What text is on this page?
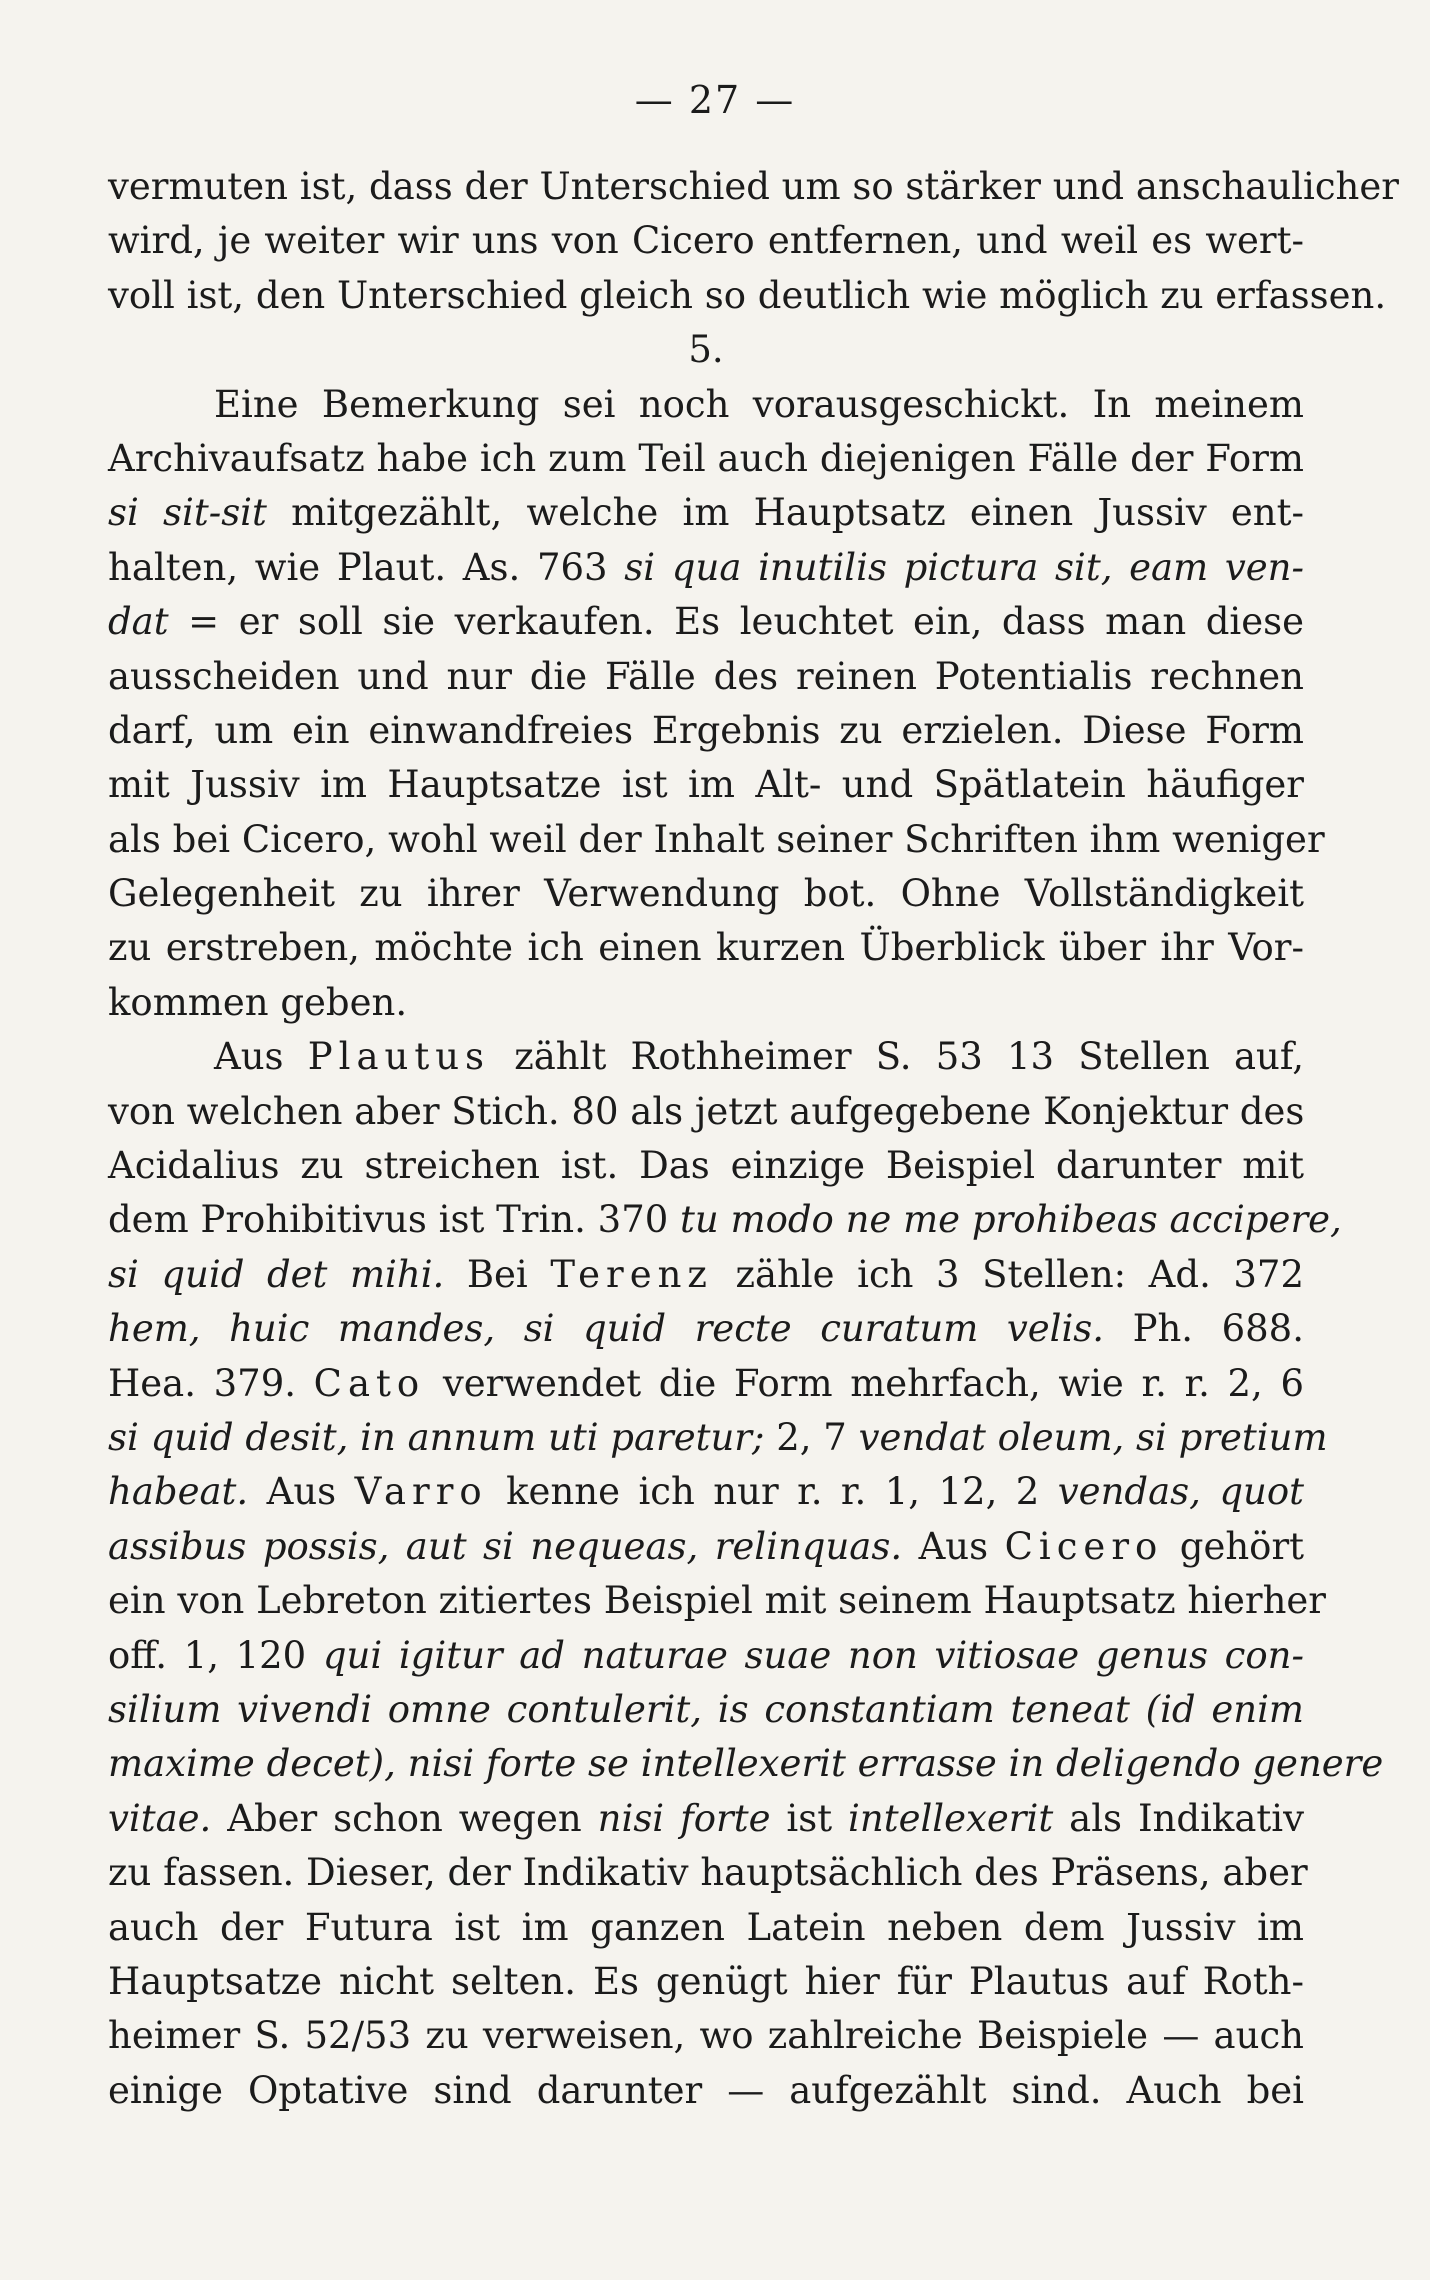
— 27 —
vermuten ist, dass der Unterschied um so stärker und anschaulicher
wird, je weiter wir uns von Cicero entfernen, und weil es wert-
voll ist, den Unterschied gleich so deutlich wie möglich zu erfassen.
5.
Eine Bemerkung sei noch vorausgeschickt. In meinem
Archivaufsatz habe ich zum Teil auch diejenigen Fälle der Form
si sit-sit mitgezählt, welche im Hauptsatz einen Jussiv ent-
halten, wie Plaut. As. 763 si qua inutilis pictura sit, eam ven-
dat = er soll sie verkaufen. Es leuchtet ein, dass man diese
ausscheiden und nur die Fälle des reinen Potentialis rechnen
darf, um ein einwandfreies Ergebnis zu erzielen. Diese Form
mit Jussiv im Hauptsatze ist im Alt- und Spätlatein häufiger
als bei Cicero, wohl weil der Inhalt seiner Schriften ihm weniger
Gelegenheit zu ihrer Verwendung bot. Ohne Vollständigkeit
zu erstreben, möchte ich einen kurzen Überblick über ihr Vor-
kommen geben.
Aus Plautus zählt Rothheimer S. 53 13 Stellen auf,
von welchen aber Stich. 80 als jetzt aufgegebene Konjektur des
Acidalius zu streichen ist. Das einzige Beispiel darunter mit
dem Prohibitivus ist Trin. 370 tu modo ne me prohibeas accipere,
si quid det mihi. Bei Terenz zähle ich 3 Stellen: Ad. 372
hem, huic mandes, si quid recte curatum velis. Ph. 688.
Hea. 379. Cato verwendet die Form mehrfach, wie r. r. 2, 6
si quid desit, in annum uti paretur; 2, 7 vendat oleum, si pretium
habeat. Aus Varro kenne ich nur r. r. 1, 12, 2 vendas, quot
assibus possis, aut si nequeas, relinquas. Aus Cicero gehört
ein von Lebreton zitiertes Beispiel mit seinem Hauptsatz hierher
off. 1, 120 qui igitur ad naturae suae non vitiosae genus con-
silium vivendi omne contulerit, is constantiam teneat (id enim
maxime decet), nisi forte se intellexerit errasse in deligendo genere
vitae. Aber schon wegen nisi forte ist intellexerit als Indikativ
zu fassen. Dieser, der Indikativ hauptsächlich des Präsens, aber
auch der Futura ist im ganzen Latein neben dem Jussiv im
Hauptsatze nicht selten. Es genügt hier für Plautus auf Roth-
heimer S. 52/53 zu verweisen, wo zahlreiche Beispiele — auch
einige Optative sind darunter — aufgezählt sind. Auch bei
